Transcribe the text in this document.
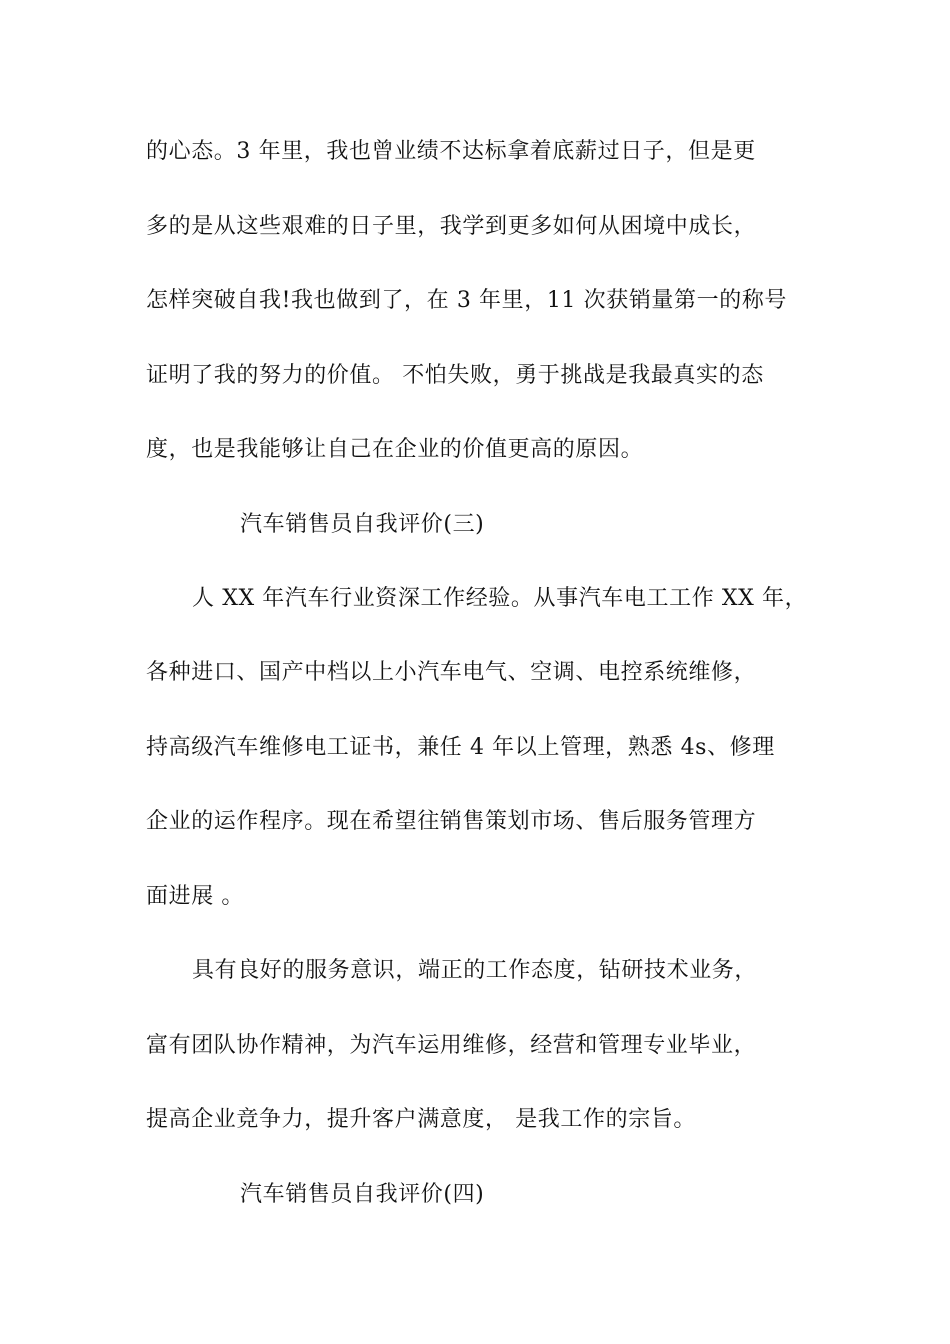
的心态。3 年里，我也曾业绩不达标拿着底薪过日子，但是更
多的是从这些艰难的日子里，我学到更多如何从困境中成长，
怎样突破自我!我也做到了，在 3 年里，11 次获销量第一的称号
证明了我的努力的价值。 不怕失败，勇于挑战是我最真实的态
度，也是我能够让自己在企业的价值更高的原因。
汽车销售员自我评价(三)
人 XX 年汽车行业资深工作经验。从事汽车电工工作 XX 年，
各种进口、国产中档以上小汽车电气、空调、电控系统维修，
持高级汽车维修电工证书，兼任 4 年以上管理，熟悉 4s、修理
企业的运作程序。现在希望往销售策划市场、售后服务管理方
面进展 。
具有良好的服务意识，端正的工作态度，钻研技术业务，
富有团队协作精神，为汽车运用维修，经营和管理专业毕业，
提高企业竞争力，提升客户满意度， 是我工作的宗旨。
汽车销售员自我评价(四)
